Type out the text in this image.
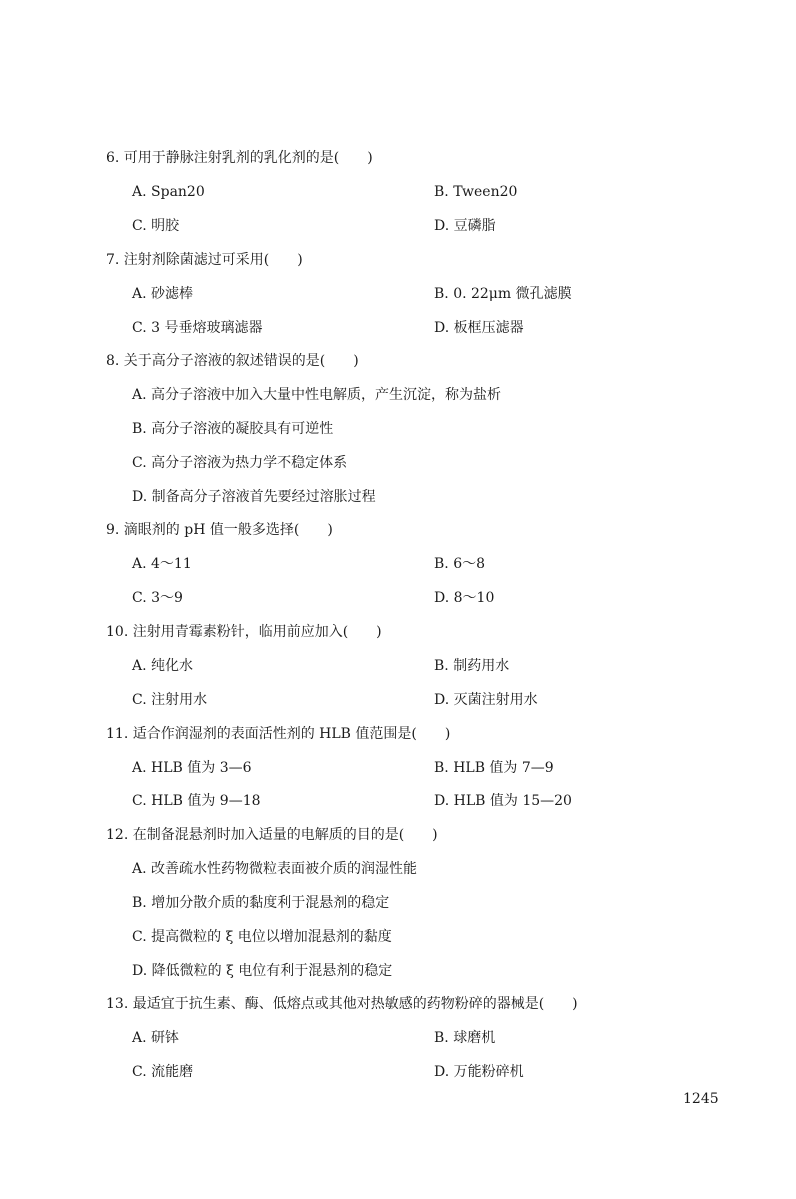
6. 可用于静脉注射乳剂的乳化剂的是(　　)
A. Span20	B. Tween20
C. 明胶	D. 豆磷脂
7. 注射剂除菌滤过可采用(　　)
A. 砂滤棒	B. 0. 22μm 微孔滤膜
C. 3 号垂熔玻璃滤器	D. 板框压滤器
8. 关于高分子溶液的叙述错误的是(　　)
A. 高分子溶液中加入大量中性电解质，产生沉淀，称为盐析
B. 高分子溶液的凝胶具有可逆性
C. 高分子溶液为热力学不稳定体系
D. 制备高分子溶液首先要经过溶胀过程
9. 滴眼剂的 pH 值一般多选择(　　)
A. 4～11	B. 6～8
C. 3～9	D. 8～10
10. 注射用青霉素粉针，临用前应加入(　　)
A. 纯化水	B. 制药用水
C. 注射用水	D. 灭菌注射用水
11. 适合作润湿剂的表面活性剂的 HLB 值范围是(　　)
A. HLB 值为 3—6	B. HLB 值为 7—9
C. HLB 值为 9—18	D. HLB 值为 15—20
12. 在制备混悬剂时加入适量的电解质的目的是(　　)
A. 改善疏水性药物微粒表面被介质的润湿性能
B. 增加分散介质的黏度利于混悬剂的稳定
C. 提高微粒的 ξ 电位以增加混悬剂的黏度
D. 降低微粒的 ξ 电位有利于混悬剂的稳定
13. 最适宜于抗生素、酶、低熔点或其他对热敏感的药物粉碎的器械是(　　)
A. 研钵	B. 球磨机
C. 流能磨	D. 万能粉碎机
1245
